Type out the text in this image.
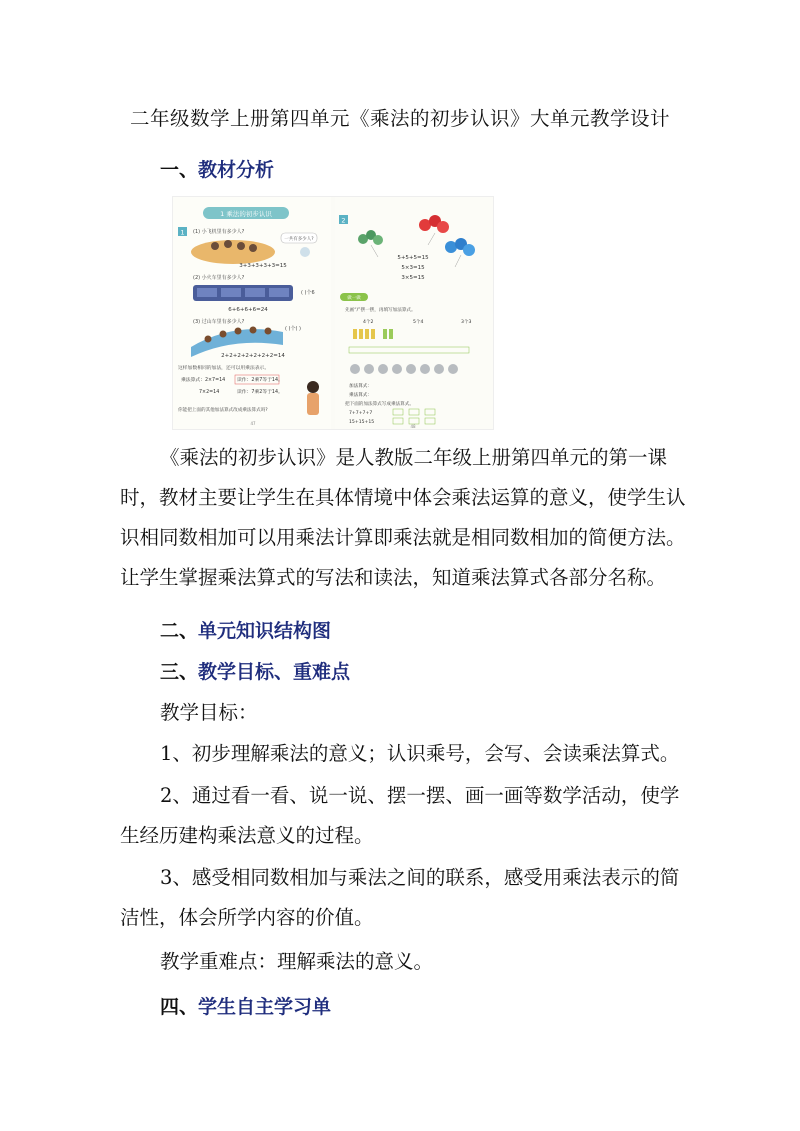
二年级数学上册第四单元《乘法的初步认识》大单元教学设计
一、教材分析
1 乘法的初步认识
1 (1) 小飞机里有多少人?
一共有多少人?
3+3+3+3+3=15
(2) 小火车里有多少人?
( )个6
6+6+6+6=24
(3) 过山车里有多少人?
( )个( )
2+2+2+2+2+2+2=14
这样加数相同的加法，还可以用乘法表示。
乘法算式：2×7=14 读作：2乘7等于14。
7×2=14	读作：7乘2等于14。
你能把上面的其他加法算式改成乘法算式吗?
47
2
5+5+5=15
5×3=15
3×5=15
做一做
先画“/”摆一摆，再填写加法算式。
4个2	5个4	3个3
加法算式：
乘法算式：
把下面的加法算式写成乘法算式。
7+7+7+7
15+15+15
48
《乘法的初步认识》是人教版二年级上册第四单元的第一课时，教材主要让学生在具体情境中体会乘法运算的意义，使学生认识相同数相加可以用乘法计算即乘法就是相同数相加的简便方法。让学生掌握乘法算式的写法和读法，知道乘法算式各部分名称。
二、单元知识结构图
三、教学目标、重难点
教学目标：
1、初步理解乘法的意义；认识乘号，会写、会读乘法算式。
2、通过看一看、说一说、摆一摆、画一画等数学活动，使学生经历建构乘法意义的过程。
3、感受相同数相加与乘法之间的联系，感受用乘法表示的简洁性，体会所学内容的价值。
教学重难点：理解乘法的意义。
四、学生自主学习单
